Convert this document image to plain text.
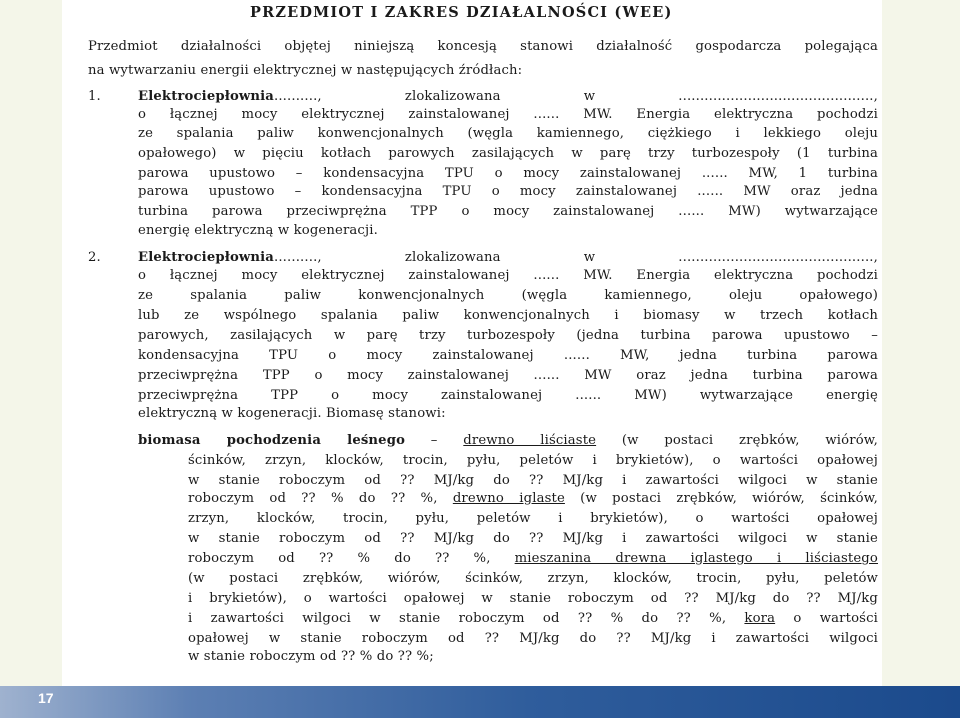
PRZEDMIOT I ZAKRES DZIAŁALNOŚCI (WEE)
Przedmiot działalności objętej niniejszą koncesją stanowi działalność gospodarcza polegająca
na wytwarzaniu energii elektrycznej w następujących źródłach:
1.	Elektrociepłownia.........., zlokalizowana w .............................................,
o łącznej mocy elektrycznej zainstalowanej ...... MW. Energia elektryczna pochodzi
ze spalania paliw konwencjonalnych (węgla kamiennego, ciężkiego i lekkiego oleju
opałowego) w pięciu kotłach parowych zasilających w parę trzy turbozespoły (1 turbina
parowa upustowo – kondensacyjna TPU o mocy zainstalowanej ...... MW, 1 turbina
parowa upustowo – kondensacyjna TPU o mocy zainstalowanej ...... MW oraz jedna
turbina parowa przeciwprężna TPP o mocy zainstalowanej ...... MW) wytwarzające
energię elektryczną w kogeneracji.
2.	Elektrociepłownia.........., zlokalizowana w .............................................,
o łącznej mocy elektrycznej zainstalowanej ...... MW. Energia elektryczna pochodzi
ze spalania paliw konwencjonalnych (węgla kamiennego, oleju opałowego)
lub ze wspólnego spalania paliw konwencjonalnych i biomasy w trzech kotłach
parowych, zasilających w parę trzy turbozespoły (jedna turbina parowa upustowo –
kondensacyjna TPU o mocy zainstalowanej ...... MW, jedna turbina parowa
przeciwprężna TPP o mocy zainstalowanej ...... MW oraz jedna turbina parowa
przeciwprężna TPP o mocy zainstalowanej ...... MW) wytwarzające energię
elektryczną w kogeneracji. Biomasę stanowi:
biomasa pochodzenia leśnego – drewno liściaste (w postaci zrębków, wiórów,
ścinków, zrzyn, klocków, trocin, pyłu, peletów i brykietów), o wartości opałowej
w stanie roboczym od ?? MJ/kg do ?? MJ/kg i zawartości wilgoci w stanie
roboczym od ?? % do ?? %, drewno iglaste (w postaci zrębków, wiórów, ścinków,
zrzyn, klocków, trocin, pyłu, peletów i brykietów), o wartości opałowej
w stanie roboczym od ?? MJ/kg do ?? MJ/kg i zawartości wilgoci w stanie
roboczym od ?? % do ?? %, mieszanina drewna iglastego i liściastego
(w postaci zrębków, wiórów, ścinków, zrzyn, klocków, trocin, pyłu, peletów
i brykietów), o wartości opałowej w stanie roboczym od ?? MJ/kg do ?? MJ/kg
i zawartości wilgoci w stanie roboczym od ?? % do ?? %, kora o wartości
opałowej w stanie roboczym od ?? MJ/kg do ?? MJ/kg i zawartości wilgoci
w stanie roboczym od ?? % do ?? %;
17
